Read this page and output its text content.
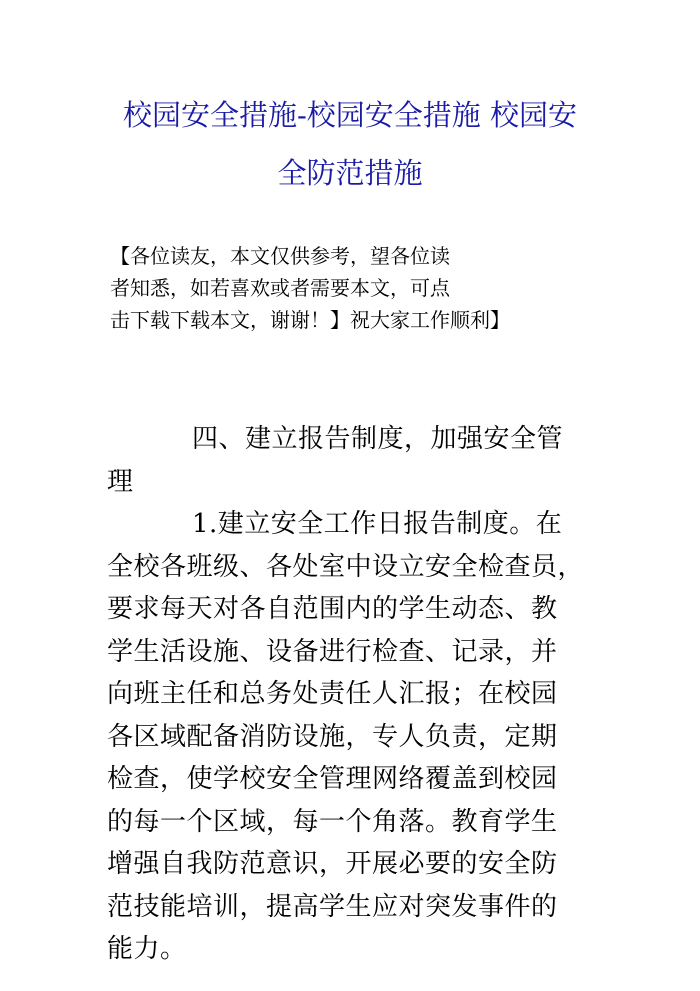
校园安全措施-校园安全措施 校园安
全防范措施
【各位读友，本文仅供参考，望各位读
者知悉，如若喜欢或者需要本文，可点
击下载下载本文，谢谢！】祝大家工作顺利】
四、建立报告制度，加强安全管
理
1.建立安全工作日报告制度。在
全校各班级、各处室中设立安全检查员，
要求每天对各自范围内的学生动态、教
学生活设施、设备进行检查、记录，并
向班主任和总务处责任人汇报；在校园
各区域配备消防设施，专人负责，定期
检查，使学校安全管理网络覆盖到校园
的每一个区域，每一个角落。教育学生
增强自我防范意识，开展必要的安全防
范技能培训，提高学生应对突发事件的
能力。
